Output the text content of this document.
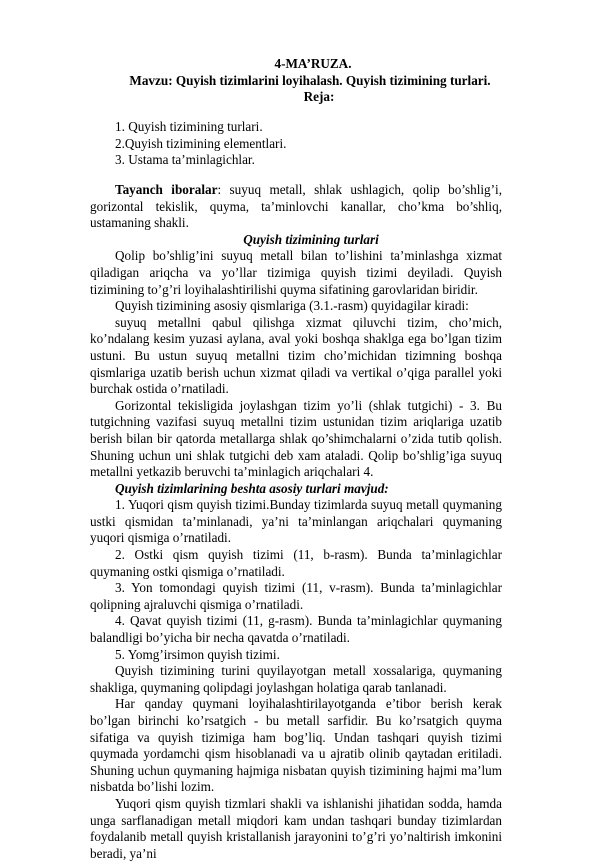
4-MA’RUZA.
Mavzu: Quyish tizimlarini loyihalash. Quyish tizimining turlari.
Reja:
1. Quyish tizimining turlari.
2.Quyish tizimining elementlari.
3. Ustama ta’minlagichlar.

Tayanch iboralar: suyuq metall, shlak ushlagich, qolip bo’shlig’i, gorizontal tekislik, quyma, ta’minlovchi kanallar, cho’kma bo’shliq, ustamaning shakli.

Quyish tizimining turlari

Qolip bo’shlig’ini suyuq metall bilan to’lishini ta’minlashga xizmat qiladigan ariqcha va yo’llar tizimiga quyish tizimi deyiladi. Quyish tizimining to’g’ri loyihalashtirilishi quyma sifatining garovlaridan biridir.

Quyish tizimining asosiy qismlariga (3.1.-rasm) quyidagilar kiradi:

suyuq metallni qabul qilishga xizmat qiluvchi tizim, cho’mich, ko’ndalang kesim yuzasi aylana, aval yoki boshqa shaklga ega bo’lgan tizim ustuni. Bu ustun suyuq metallni tizim cho’michidan tizimning boshqa qismlariga uzatib berish uchun xizmat qiladi va vertikal o’qiga parallel yoki burchak ostida o’rnatiladi.

Gorizontal tekisligida joylashgan tizim yo’li (shlak tutgichi) - 3. Bu tutgichning vazifasi suyuq metallni tizim ustunidan tizim ariqlariga uzatib berish bilan bir qatorda metallarga shlak qo’shimchalarni o’zida tutib qolish. Shuning uchun uni shlak tutgichi deb xam ataladi. Qolip bo’shlig’iga suyuq metallni yetkazib beruvchi ta’minlagich ariqchalari 4.

Quyish tizimlarining beshta asosiy turlari mavjud:

1. Yuqori qism quyish tizimi.Bunday tizimlarda suyuq metall quymaning ustki qismidan ta’minlanadi, ya’ni ta’minlangan ariqchalari quymaning yuqori qismiga o’rnatiladi.

2. Ostki qism quyish tizimi (11, b-rasm). Bunda ta’minlagichlar quymaning ostki qismiga o’rnatiladi.

3. Yon tomondagi quyish tizimi (11, v-rasm). Bunda ta’minlagichlar qolipning ajraluvchi qismiga o’rnatiladi.

4. Qavat quyish tizimi (11, g-rasm). Bunda ta’minlagichlar quymaning balandligi bo’yicha bir necha qavatda o’rnatiladi.

5. Yomg’irsimon quyish tizimi.

Quyish tizimining turini quyilayotgan metall xossalariga, quymaning shakliga, quymaning qolipdagi joylashgan holatiga qarab tanlanadi.

Har qanday quymani loyihalashtirilayotganda e’tibor berish kerak bo’lgan birinchi ko’rsatgich - bu metall sarfidir. Bu ko’rsatgich quyma sifatiga va quyish tizimiga ham bog’liq. Undan tashqari quyish tizimi quymada yordamchi qism hisoblanadi va u ajratib olinib qaytadan eritiladi. Shuning uchun quymaning hajmiga nisbatan quyish tizimining hajmi ma’lum nisbatda bo’lishi lozim.

Yuqori qism quyish tizmlari shakli va ishlanishi jihatidan sodda, hamda unga sarflanadigan metall miqdori kam undan tashqari bunday tizimlardan foydalanib metall quyish kristallanish jarayonini to’g’ri yo’naltirish imkonini beradi, ya’ni
